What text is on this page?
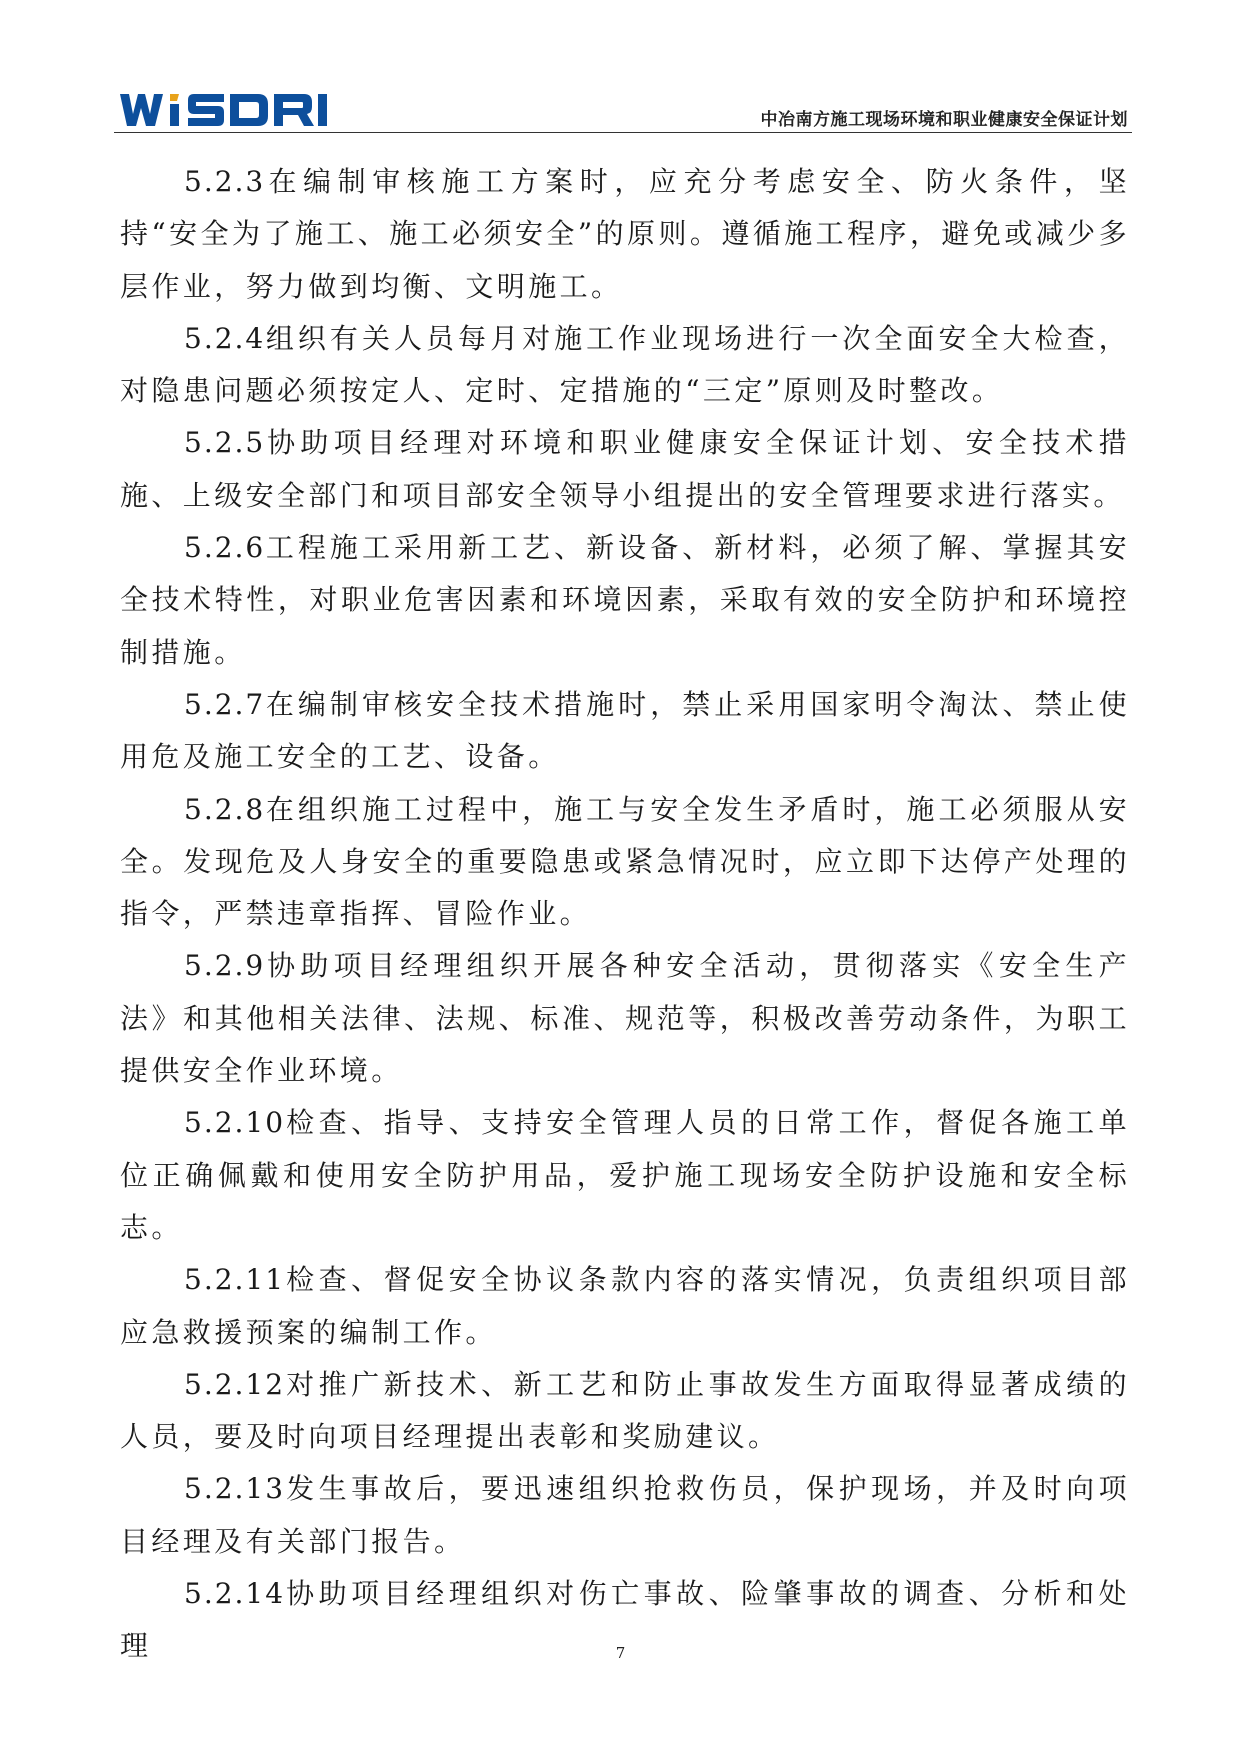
中冶南方施工现场环境和职业健康安全保证计划

5.2.3在编制审核施工方案时，应充分考虑安全、防火条件，坚持“安全为了施工、施工必须安全”的原则。遵循施工程序，避免或减少多层作业，努力做到均衡、文明施工。

5.2.4组织有关人员每月对施工作业现场进行一次全面安全大检查，对隐患问题必须按定人、定时、定措施的“三定”原则及时整改。

5.2.5协助项目经理对环境和职业健康安全保证计划、安全技术措施、上级安全部门和项目部安全领导小组提出的安全管理要求进行落实。

5.2.6工程施工采用新工艺、新设备、新材料，必须了解、掌握其安全技术特性，对职业危害因素和环境因素，采取有效的安全防护和环境控制措施。

5.2.7在编制审核安全技术措施时，禁止采用国家明令淘汰、禁止使用危及施工安全的工艺、设备。

5.2.8在组织施工过程中，施工与安全发生矛盾时，施工必须服从安全。发现危及人身安全的重要隐患或紧急情况时，应立即下达停产处理的指令，严禁违章指挥、冒险作业。

5.2.9协助项目经理组织开展各种安全活动，贯彻落实《安全生产法》和其他相关法律、法规、标准、规范等，积极改善劳动条件，为职工提供安全作业环境。

5.2.10检查、指导、支持安全管理人员的日常工作，督促各施工单位正确佩戴和使用安全防护用品，爱护施工现场安全防护设施和安全标志。

5.2.11检查、督促安全协议条款内容的落实情况，负责组织项目部应急救援预案的编制工作。

5.2.12对推广新技术、新工艺和防止事故发生方面取得显著成绩的人员，要及时向项目经理提出表彰和奖励建议。

5.2.13发生事故后，要迅速组织抢救伤员，保护现场，并及时向项目经理及有关部门报告。

5.2.14协助项目经理组织对伤亡事故、险肇事故的调查、分析和处理	7
